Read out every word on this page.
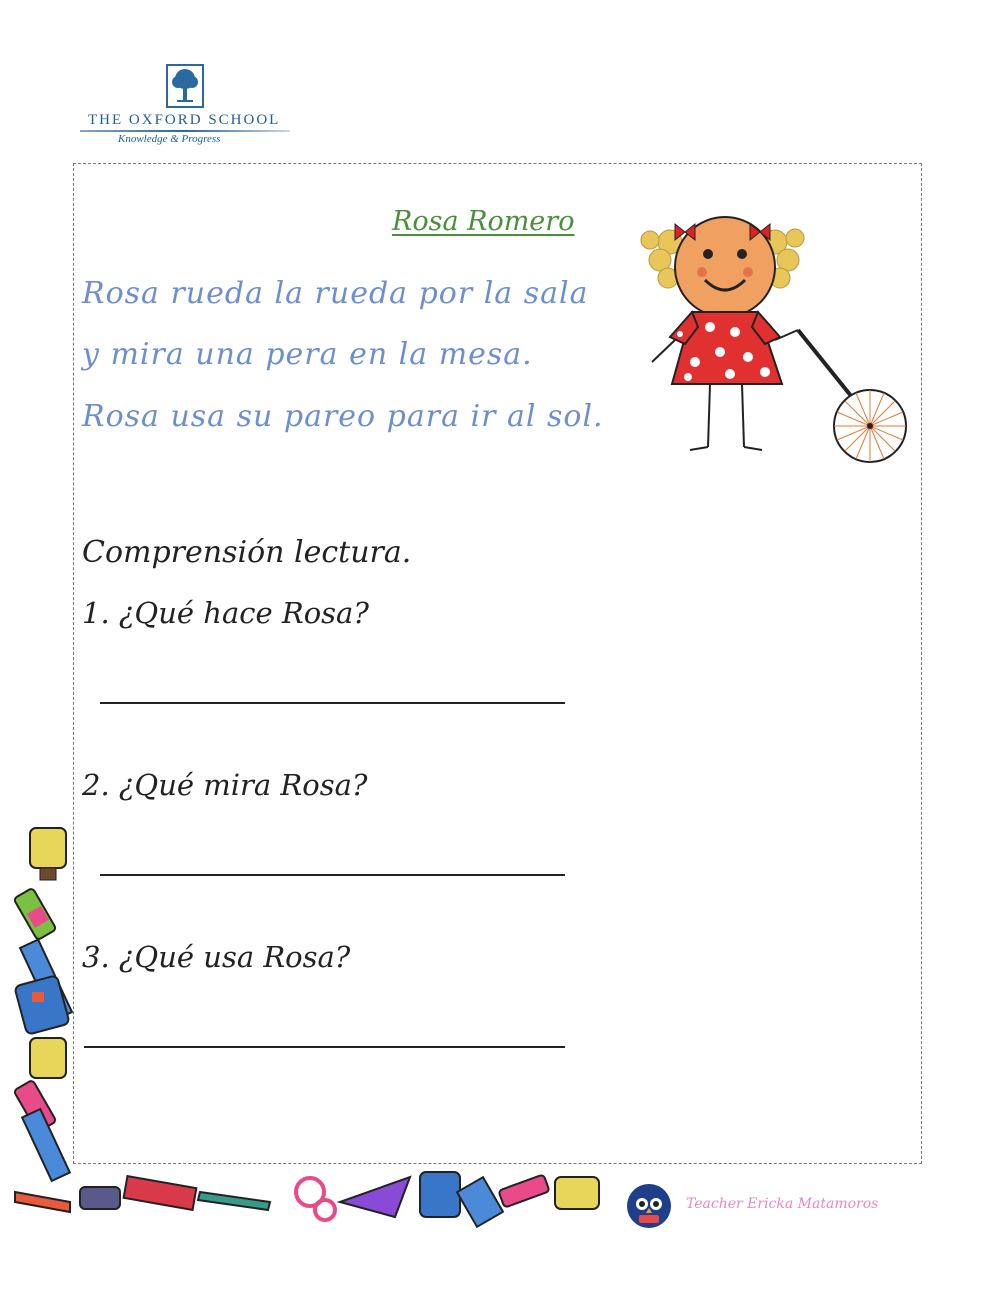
THE OXFORD SCHOOL
Knowledge & Progress
Rosa Romero
Rosa rueda la rueda por la sala
y mira una pera en la mesa.
Rosa usa su pareo para ir al sol.
Comprensión lectura.
1. ¿Qué hace Rosa?
2. ¿Qué mira Rosa?
3. ¿Qué usa Rosa?
Teacher Ericka Matamoros
